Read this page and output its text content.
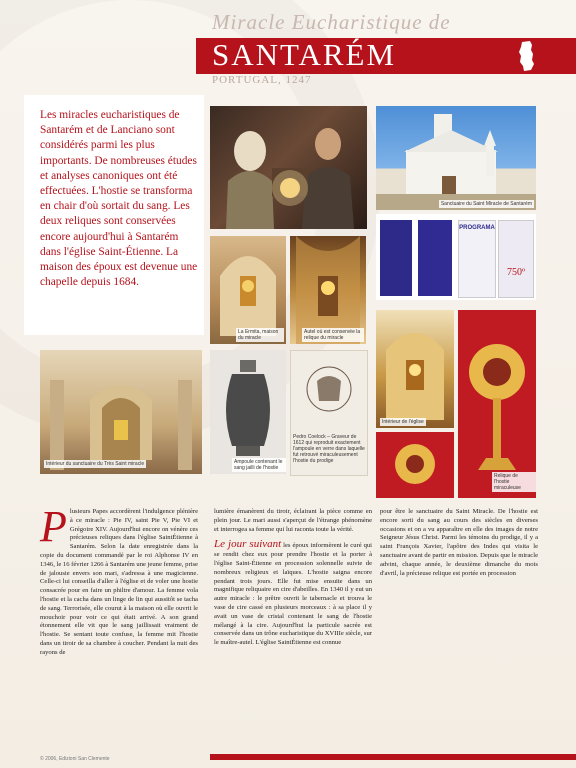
Miracle Eucharistique de
SANTARÉM
PORTUGAL, 1247
Les miracles eucharistiques de Santarém et de Lanciano sont considérés parmi les plus importants. De nombreuses études et analyses canoniques ont été effectuées. L'hostie se transforma en chair d'où sortait du sang. Les deux reliques sont conservées encore aujourd'hui à Santarém dans l'église Saint-Étienne. La maison des époux est devenue une chapelle depuis 1684.
Sanctuaire du Saint Miracle de Santarém
PROGRAMA
750º
La Ermita, maison du miracle
Autel où est conservée la relique du miracle
Intérieur du sanctuaire du Très Saint miracle	Ampoule contenant le sang jailli de l'hostie
Pedro Coelock – Graveur de 1612 qui reproduit exactement l'ampoule en verre dans laquelle fut retrouvé miraculeusement l'hostie du prodige
Intérieur de l'église
Relique de l'hostie miraculeuse
P lusieurs Papes accordèrent l'indulgence plénière à ce miracle : Pie IV, saint Pie V, Pie VI et Grégoire XIV. Aujourd'hui encore on vénère ces précieuses reliques dans l'église SaintÉtienne à Santarém. Selon la date enregistrée dans la copie du document commandé par le roi Alphonse IV en 1346, le 16 février 1266 à Santarém une jeune femme, prise de jalousie envers son mari, s'adressa à une magicienne. Celle-ci lui conseilla d'aller à l'église et de voler une hostie consacrée pour en faire un philtre d'amour. La femme vola l'hostie et la cacha dans un linge de lin qui aussitôt se tacha de sang. Terrorisée, elle courut à la maison où elle ouvrit le mouchoir pour voir ce qui était arrivé. A son grand étonnement elle vit que le sang jaillissait vraiment de l'hostie. Se sentant toute confuse, la femme mit l'hostie dans un tiroir de sa chambre à coucher. Pendant la nuit des rayons de
lumière émanèrent du tiroir, éclairant la pièce comme en plein jour. Le mari aussi s'aperçut de l'étrange phénomène et interrogea sa femme qui lui raconta toute la vérité.
Le jour suivant les époux informèrent le curé qui se rendit chez eux pour prendre l'hostie et la porter à l'église Saint-Étienne en procession solennelle suivie de nombreux religieux et laïques. L'hostie saigna encore pendant trois jours. Elle fut mise ensuite dans un magnifique reliquaire en cire d'abeilles. En 1340 il y eut un autre miracle : le prêtre ouvrit le tabernacle et trouva le vase de cire cassé en plusieurs morceaux : à sa place il y avait un vase de cristal contenant le sang de l'hostie mélangé à la cire. Aujourd'hui la particule sacrée est conservée dans un trône eucharistique du XVIIIe siècle, sur le maître-autel. L'église SaintÉtienne est connue
pour être le sanctuaire du Saint Miracle. De l'hostie est encore sorti du sang au cours des siècles en diverses occasions et on a vu apparaître en elle des images de notre Seigneur Jésus Christ. Parmi les témoins du prodige, il y a saint François Xavier, l'apôtre des Indes qui visita le sanctuaire avant de partir en mission. Depuis que le miracle advint, chaque année, le deuxième dimanche du mois d'avril, la précieuse relique est portée en procession
© 2006, Edizioni San Clemente
